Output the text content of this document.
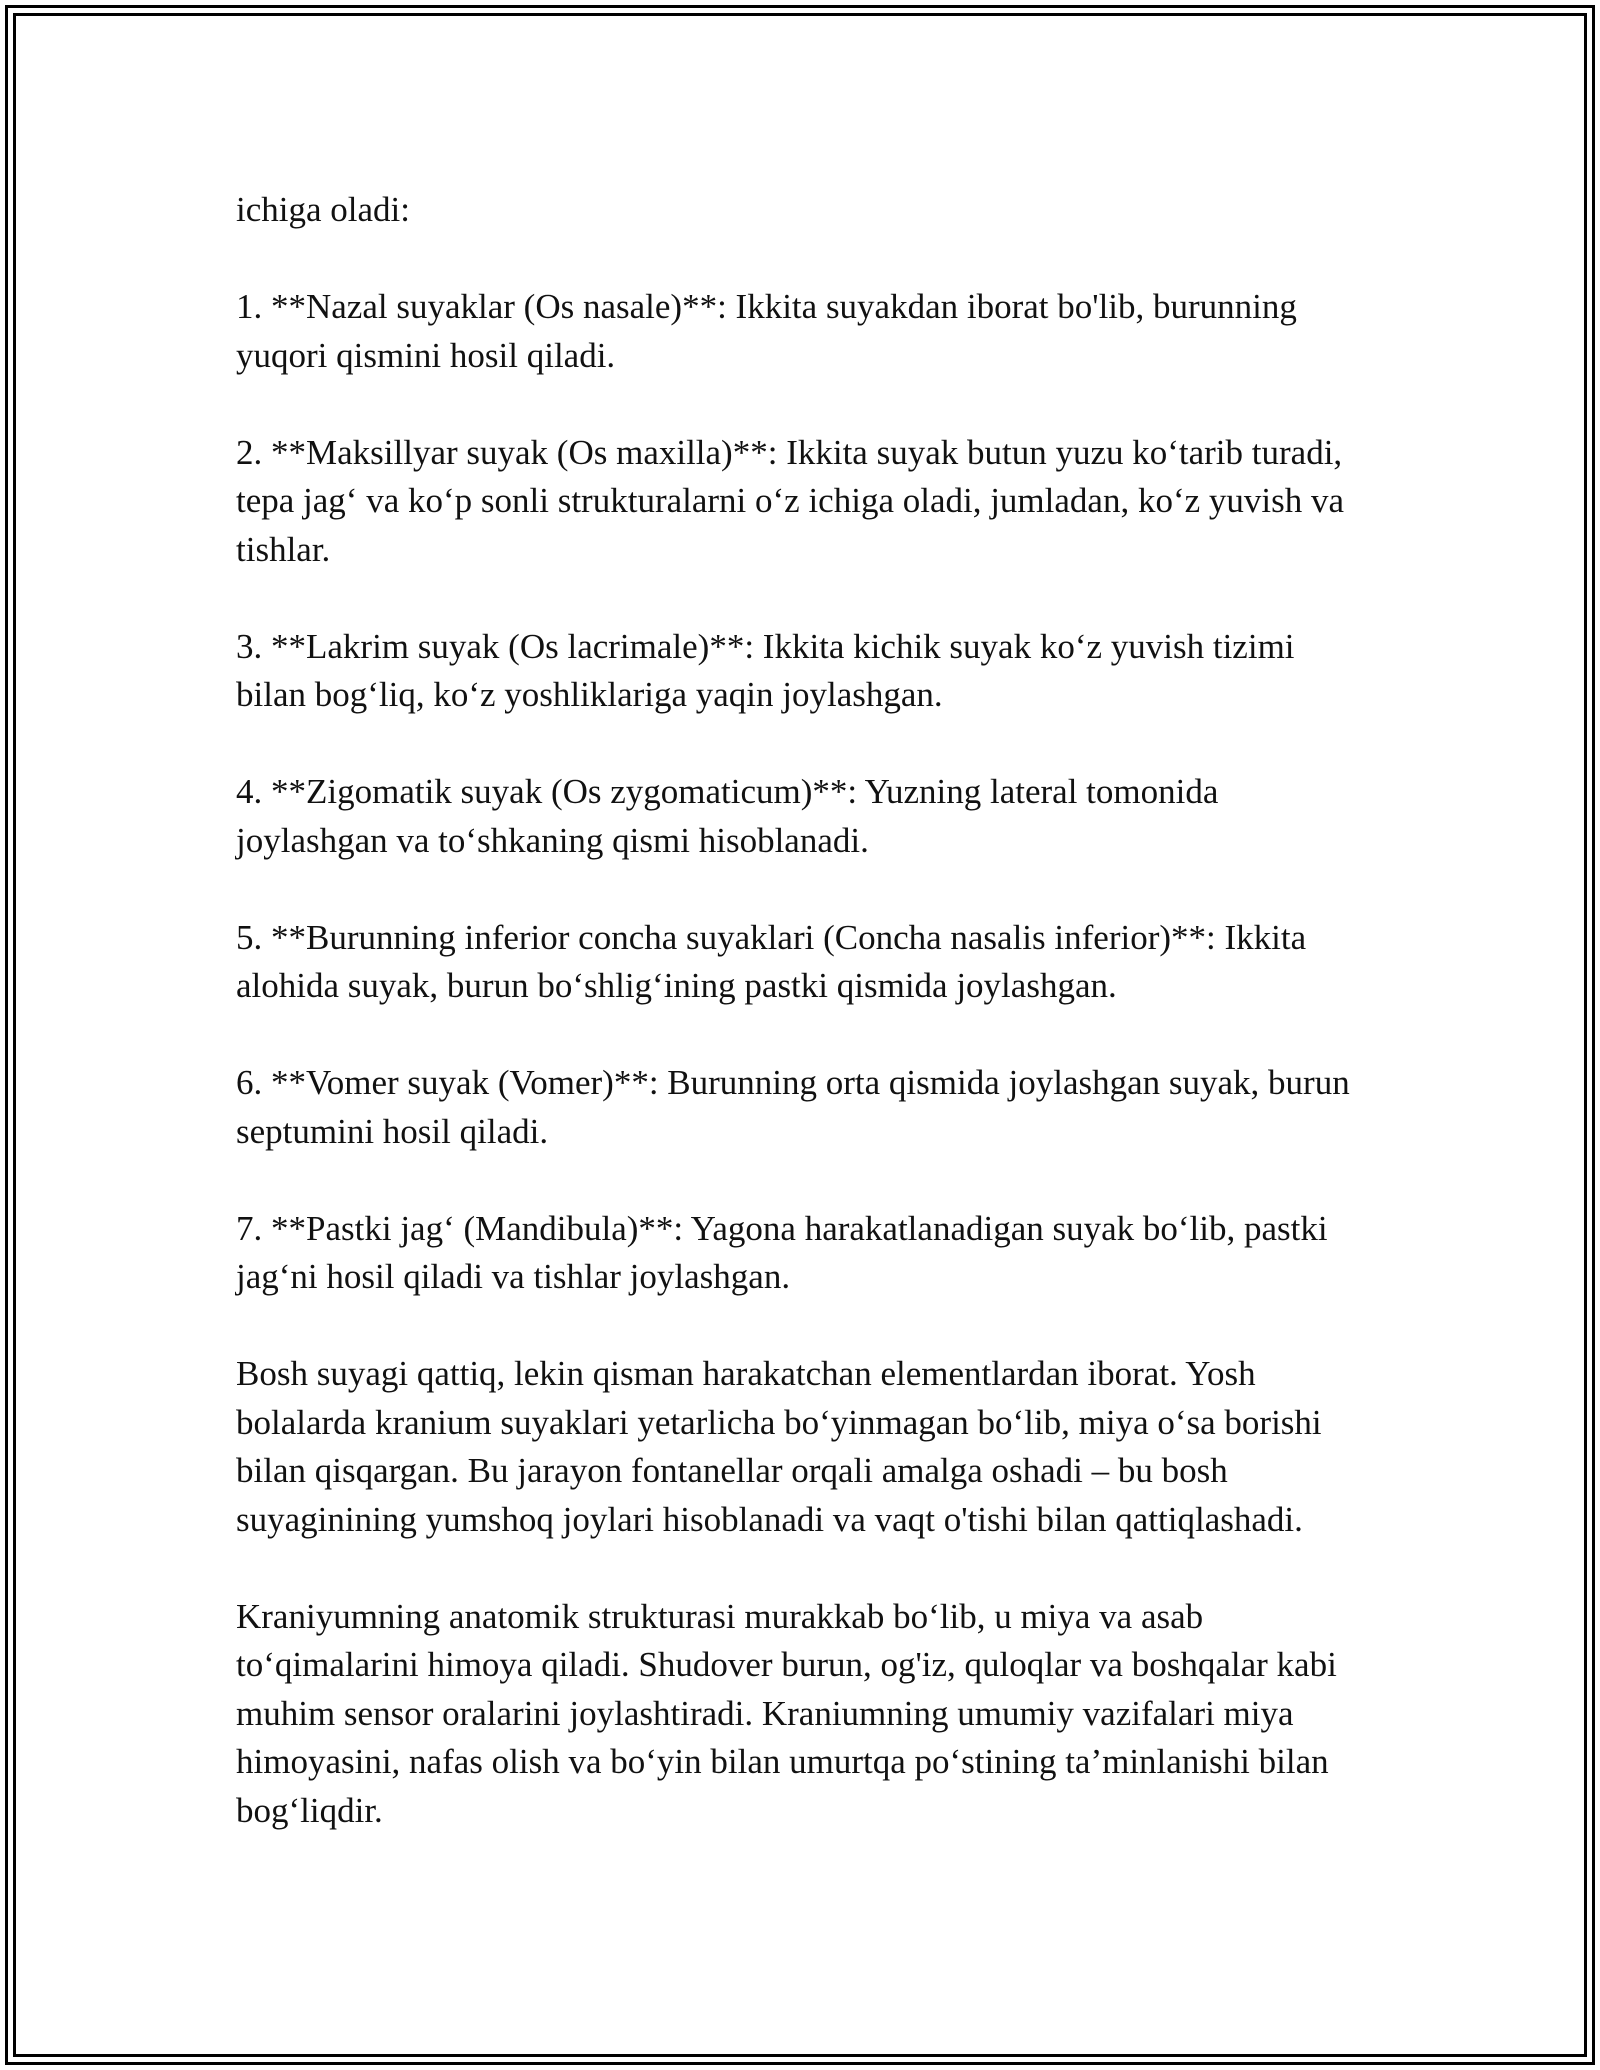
ichiga oladi:

1. **Nazal suyaklar (Os nasale)**: Ikkita suyakdan iborat bo'lib, burunning yuqori qismini hosil qiladi.

2. **Maksillyar suyak (Os maxilla)**: Ikkita suyak butun yuzu ko‘tarib turadi, tepa jag‘ va ko‘p sonli strukturalarni o‘z ichiga oladi, jumladan, ko‘z yuvish va tishlar.

3. **Lakrim suyak (Os lacrimale)**: Ikkita kichik suyak ko‘z yuvish tizimi bilan bog‘liq, ko‘z yoshliklariga yaqin joylashgan.

4. **Zigomatik suyak (Os zygomaticum)**: Yuzning lateral tomonida joylashgan va to‘shkaning qismi hisoblanadi.

5. **Burunning inferior concha suyaklari (Concha nasalis inferior)**: Ikkita alohida suyak, burun bo‘shlig‘ining pastki qismida joylashgan.

6. **Vomer suyak (Vomer)**: Burunning orta qismida joylashgan suyak, burun septumini hosil qiladi.

7. **Pastki jag‘ (Mandibula)**: Yagona harakatlanadigan suyak bo‘lib, pastki jag‘ni hosil qiladi va tishlar joylashgan.

Bosh suyagi qattiq, lekin qisman harakatchan elementlardan iborat. Yosh bolalarda kranium suyaklari yetarlicha bo‘yinmagan bo‘lib, miya o‘sa borishi bilan qisqargan. Bu jarayon fontanellar orqali amalga oshadi – bu bosh suyaginining yumshoq joylari hisoblanadi va vaqt o'tishi bilan qattiqlashadi.

Kraniyumning anatomik strukturasi murakkab bo‘lib, u miya va asab to‘qimalarini himoya qiladi. Shudover burun, og'iz, quloqlar va boshqalar kabi muhim sensor oralarini joylashtiradi. Kraniumning umumiy vazifalari miya himoyasini, nafas olish va bo‘yin bilan umurtqa po‘stining ta’minlanishi bilan bog‘liqdir.
